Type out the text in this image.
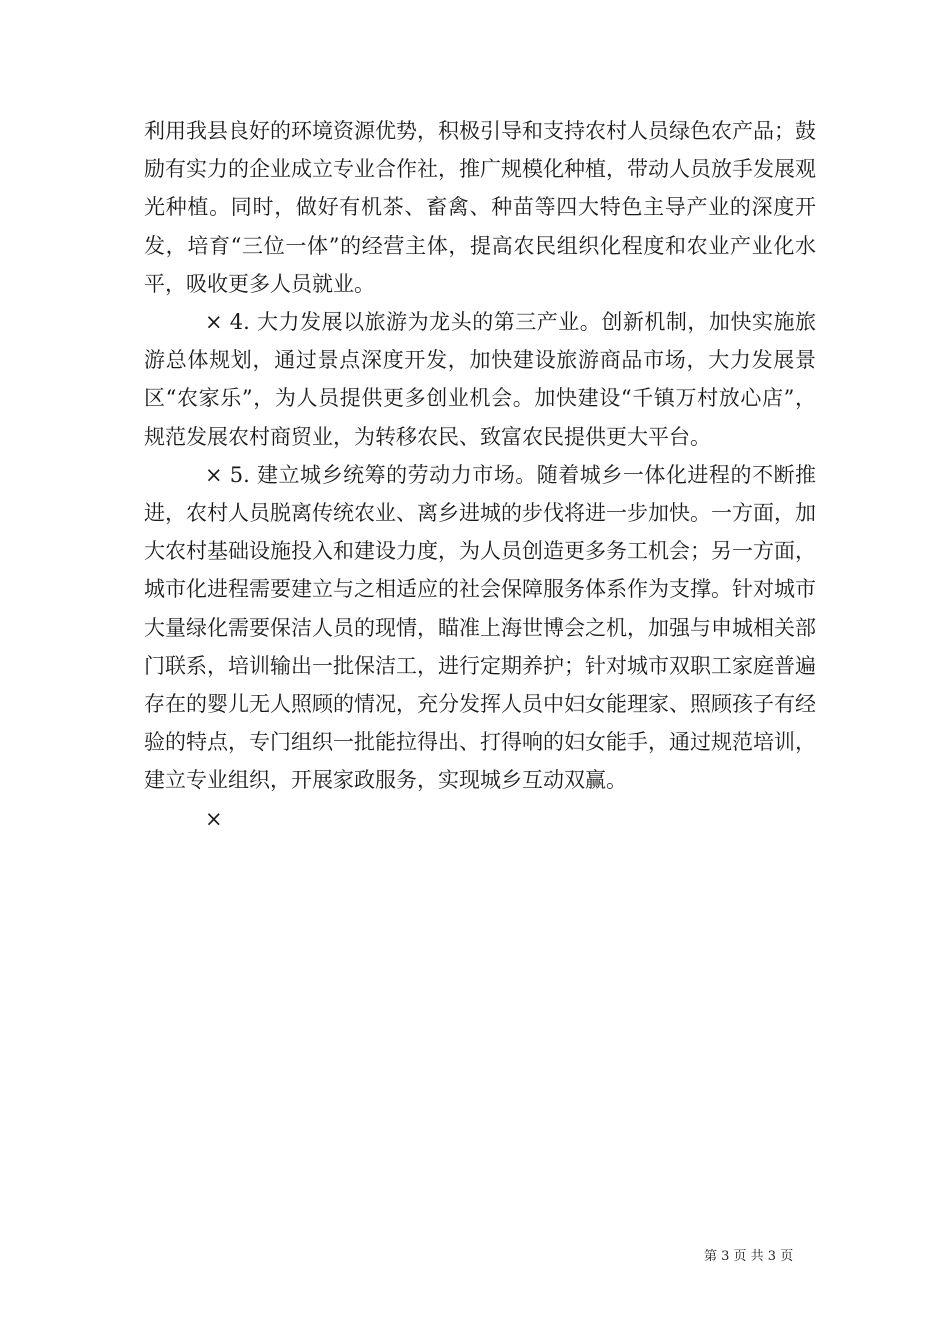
利用我县良好的环境资源优势，积极引导和支持农村人员绿色农产品；鼓励有实力的企业成立专业合作社，推广规模化种植，带动人员放手发展观光种植。同时，做好有机茶、畜禽、种苗等四大特色主导产业的深度开发，培育“三位一体”的经营主体，提高农民组织化程度和农业产业化水平，吸收更多人员就业。

× 4. 大力发展以旅游为龙头的第三产业。创新机制，加快实施旅游总体规划，通过景点深度开发，加快建设旅游商品市场，大力发展景区“农家乐”，为人员提供更多创业机会。加快建设“千镇万村放心店”，规范发展农村商贸业，为转移农民、致富农民提供更大平台。

× 5. 建立城乡统筹的劳动力市场。随着城乡一体化进程的不断推进，农村人员脱离传统农业、离乡进城的步伐将进一步加快。一方面，加大农村基础设施投入和建设力度，为人员创造更多务工机会；另一方面，城市化进程需要建立与之相适应的社会保障服务体系作为支撑。针对城市大量绿化需要保洁人员的现情，瞄准上海世博会之机，加强与申城相关部门联系，培训输出一批保洁工，进行定期养护；针对城市双职工家庭普遍存在的婴儿无人照顾的情况，充分发挥人员中妇女能理家、照顾孩子有经验的特点，专门组织一批能拉得出、打得响的妇女能手，通过规范培训，建立专业组织，开展家政服务，实现城乡互动双赢。

×

第 3 页 共 3 页
